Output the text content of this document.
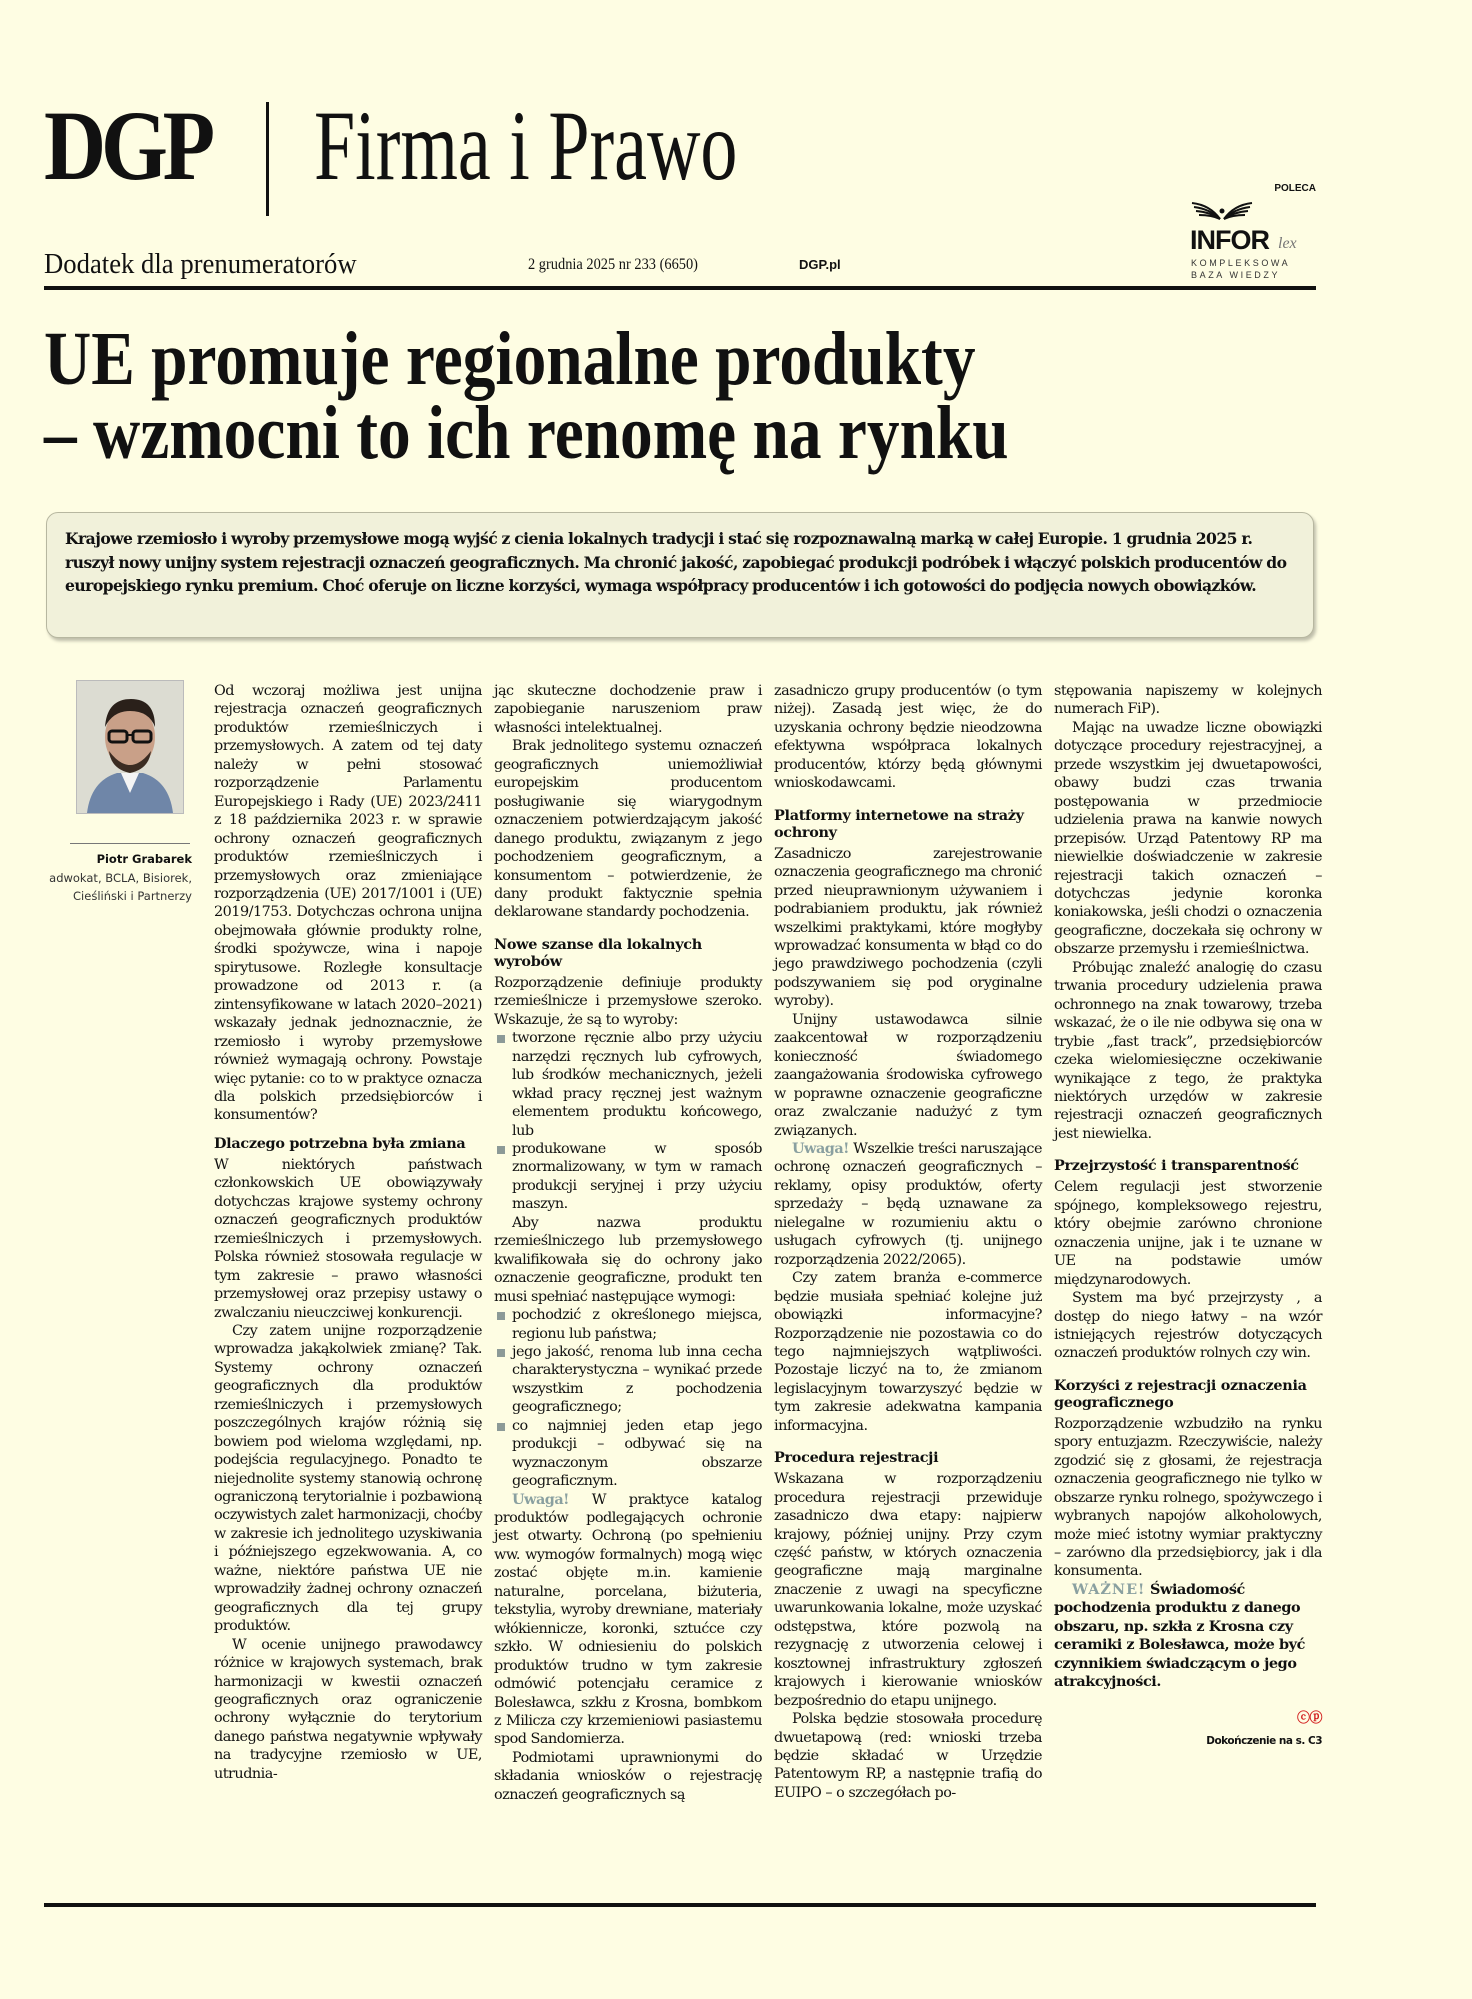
DGP Firma i Prawo
Dodatek dla prenumeratorów	2 grudnia 2025 nr 233 (6650)	DGP.pl
POLECA
INFOR lex
KOMPLEKSOWA
BAZA WIEDZY
UE promuje regionalne produkty
– wzmocni to ich renomę na rynku

Krajowe rzemiosło i wyroby przemysłowe mogą wyjść z cienia lokalnych tradycji i stać się rozpoznawalną marką w całej Europie. 1 grudnia 2025 r. ruszył nowy unijny system rejestracji oznaczeń geograficznych. Ma chronić jakość, zapobiegać produkcji podróbek i włączyć polskich producentów do europejskiego rynku premium. Choć oferuje on liczne korzyści, wymaga współpracy producentów i ich gotowości do podjęcia nowych obowiązków.

Piotr Grabarek
adwokat, BCLA, Bisiorek, Cieśliński i Partnerzy

Od wczoraj możliwa jest unijna rejestracja oznaczeń geograficznych produktów rzemieślniczych i przemysłowych. A zatem od tej daty należy w pełni stosować rozporządzenie Parlamentu Europejskiego i Rady (UE) 2023/2411 z 18 października 2023 r. w sprawie ochrony oznaczeń geograficznych produktów rzemieślniczych i przemysłowych oraz zmieniające rozporządzenia (UE) 2017/1001 i (UE) 2019/1753. Dotychczas ochrona unijna obejmowała głównie produkty rolne, środki spożywcze, wina i napoje spirytusowe. Rozległe konsultacje prowadzone od 2013 r. (a zintensyfikowane w latach 2020–2021) wskazały jednak jednoznacznie, że rzemiosło i wyroby przemysłowe również wymagają ochrony. Powstaje więc pytanie: co to w praktyce oznacza dla polskich przedsiębiorców i konsumentów?

Dlaczego potrzebna była zmiana

W niektórych państwach członkowskich UE obowiązywały dotychczas krajowe systemy ochrony oznaczeń geograficznych produktów rzemieślniczych i przemysłowych. Polska również stosowała regulacje w tym zakresie – prawo własności przemysłowej oraz przepisy ustawy o zwalczaniu nieuczciwej konkurencji.

Czy zatem unijne rozporządzenie wprowadza jakąkolwiek zmianę? Tak. Systemy ochrony oznaczeń geograficznych dla produktów rzemieślniczych i przemysłowych poszczególnych krajów różnią się bowiem pod wieloma względami, np. podejścia regulacyjnego. Ponadto te niejednolite systemy stanowią ochronę ograniczoną terytorialnie i pozbawioną oczywistych zalet harmonizacji, choćby w zakresie ich jednolitego uzyskiwania i późniejszego egzekwowania. A, co ważne, niektóre państwa UE nie wprowadziły żadnej ochrony oznaczeń geograficznych dla tej grupy produktów.

W ocenie unijnego prawodawcy różnice w krajowych systemach, brak harmonizacji w kwestii oznaczeń geograficznych oraz ograniczenie ochrony wyłącznie do terytorium danego państwa negatywnie wpływały na tradycyjne rzemiosło w UE, utrudnia-

jąc skuteczne dochodzenie praw i zapobieganie naruszeniom praw własności intelektualnej.

Brak jednolitego systemu oznaczeń geograficznych uniemożliwiał europejskim producentom posługiwanie się wiarygodnym oznaczeniem potwierdzającym jakość danego produktu, związanym z jego pochodzeniem geograficznym, a konsumentom – potwierdzenie, że dany produkt faktycznie spełnia deklarowane standardy pochodzenia.

Nowe szanse dla lokalnych wyrobów

Rozporządzenie definiuje produkty rzemieślnicze i przemysłowe szeroko. Wskazuje, że są to wyroby:

tworzone ręcznie albo przy użyciu narzędzi ręcznych lub cyfrowych, lub środków mechanicznych, jeżeli wkład pracy ręcznej jest ważnym elementem produktu końcowego, lub
produkowane w sposób znormalizowany, w tym w ramach produkcji seryjnej i przy użyciu maszyn.

Aby nazwa produktu rzemieślniczego lub przemysłowego kwalifikowała się do ochrony jako oznaczenie geograficzne, produkt ten musi spełniać następujące wymogi:

pochodzić z określonego miejsca, regionu lub państwa;
jego jakość, renoma lub inna cecha charakterystyczna – wynikać przede wszystkim z pochodzenia geograficznego;
co najmniej jeden etap jego produkcji – odbywać się na wyznaczonym obszarze geograficznym.

Uwaga! W praktyce katalog produktów podlegających ochronie jest otwarty. Ochroną (po spełnieniu ww. wymogów formalnych) mogą więc zostać objęte m.in. kamienie naturalne, porcelana, biżuteria, tekstylia, wyroby drewniane, materiały włókiennicze, koronki, sztućce czy szkło. W odniesieniu do polskich produktów trudno w tym zakresie odmówić potencjału ceramice z Bolesławca, szkłu z Krosna, bombkom z Milicza czy krzemieniowi pasiastemu spod Sandomierza.

Podmiotami uprawnionymi do składania wniosków o rejestrację oznaczeń geograficznych są

zasadniczo grupy producentów (o tym niżej). Zasadą jest więc, że do uzyskania ochrony będzie nieodzowna efektywna współpraca lokalnych producentów, którzy będą głównymi wnioskodawcami.

Platformy internetowe na straży ochrony

Zasadniczo zarejestrowanie oznaczenia geograficznego ma chronić przed nieuprawnionym używaniem i podrabianiem produktu, jak również wszelkimi praktykami, które mogłyby wprowadzać konsumenta w błąd co do jego prawdziwego pochodzenia (czyli podszywaniem się pod oryginalne wyroby).

Unijny ustawodawca silnie zaakcentował w rozporządzeniu konieczność świadomego zaangażowania środowiska cyfrowego w poprawne oznaczenie geograficzne oraz zwalczanie nadużyć z tym związanych.

Uwaga! Wszelkie treści naruszające ochronę oznaczeń geograficznych – reklamy, opisy produktów, oferty sprzedaży – będą uznawane za nielegalne w rozumieniu aktu o usługach cyfrowych (tj. unijnego rozporządzenia 2022/2065).

Czy zatem branża e-commerce będzie musiała spełniać kolejne już obowiązki informacyjne? Rozporządzenie nie pozostawia co do tego najmniejszych wątpliwości. Pozostaje liczyć na to, że zmianom legislacyjnym towarzyszyć będzie w tym zakresie adekwatna kampania informacyjna.

Procedura rejestracji

Wskazana w rozporządzeniu procedura rejestracji przewiduje zasadniczo dwa etapy: najpierw krajowy, później unijny. Przy czym część państw, w których oznaczenia geograficzne mają marginalne znaczenie z uwagi na specyficzne uwarunkowania lokalne, może uzyskać odstępstwa, które pozwolą na rezygnację z utworzenia celowej i kosztownej infrastruktury zgłoszeń krajowych i kierowanie wniosków bezpośrednio do etapu unijnego.

Polska będzie stosowała procedurę dwuetapową (red: wnioski trzeba będzie składać w Urzędzie Patentowym RP, a następnie trafią do EUIPO – o szczegółach po-

stępowania napiszemy w kolejnych numerach FiP).

Mając na uwadze liczne obowiązki dotyczące procedury rejestracyjnej, a przede wszystkim jej dwuetapowości, obawy budzi czas trwania postępowania w przedmiocie udzielenia prawa na kanwie nowych przepisów. Urząd Patentowy RP ma niewielkie doświadczenie w zakresie rejestracji takich oznaczeń – dotychczas jedynie koronka koniakowska, jeśli chodzi o oznaczenia geograficzne, doczekała się ochrony w obszarze przemysłu i rzemieślnictwa.

Próbując znaleźć analogię do czasu trwania procedury udzielenia prawa ochronnego na znak towarowy, trzeba wskazać, że o ile nie odbywa się ona w trybie „fast track”, przedsiębiorców czeka wielomiesięczne oczekiwanie wynikające z tego, że praktyka niektórych urzędów w zakresie rejestracji oznaczeń geograficznych jest niewielka.

Przejrzystość i transparentność

Celem regulacji jest stworzenie spójnego, kompleksowego rejestru, który obejmie zarówno chronione oznaczenia unijne, jak i te uznane w UE na podstawie umów międzynarodowych.

System ma być przejrzysty , a dostęp do niego łatwy – na wzór istniejących rejestrów dotyczących oznaczeń produktów rolnych czy win.

Korzyści z rejestracji oznaczenia geograficznego

Rozporządzenie wzbudziło na rynku spory entuzjazm. Rzeczywiście, należy zgodzić się z głosami, że rejestracja oznaczenia geograficznego nie tylko w obszarze rynku rolnego, spożywczego i wybranych napojów alkoholowych, może mieć istotny wymiar praktyczny – zarówno dla przedsiębiorcy, jak i dla konsumenta.

WAŻNE! Świadomość pochodzenia produktu z danego obszaru, np. szkła z Krosna czy ceramiki z Bolesławca, może być czynnikiem świadczącym o jego atrakcyjności.

ⓒⓟ
Dokończenie na s. C3
